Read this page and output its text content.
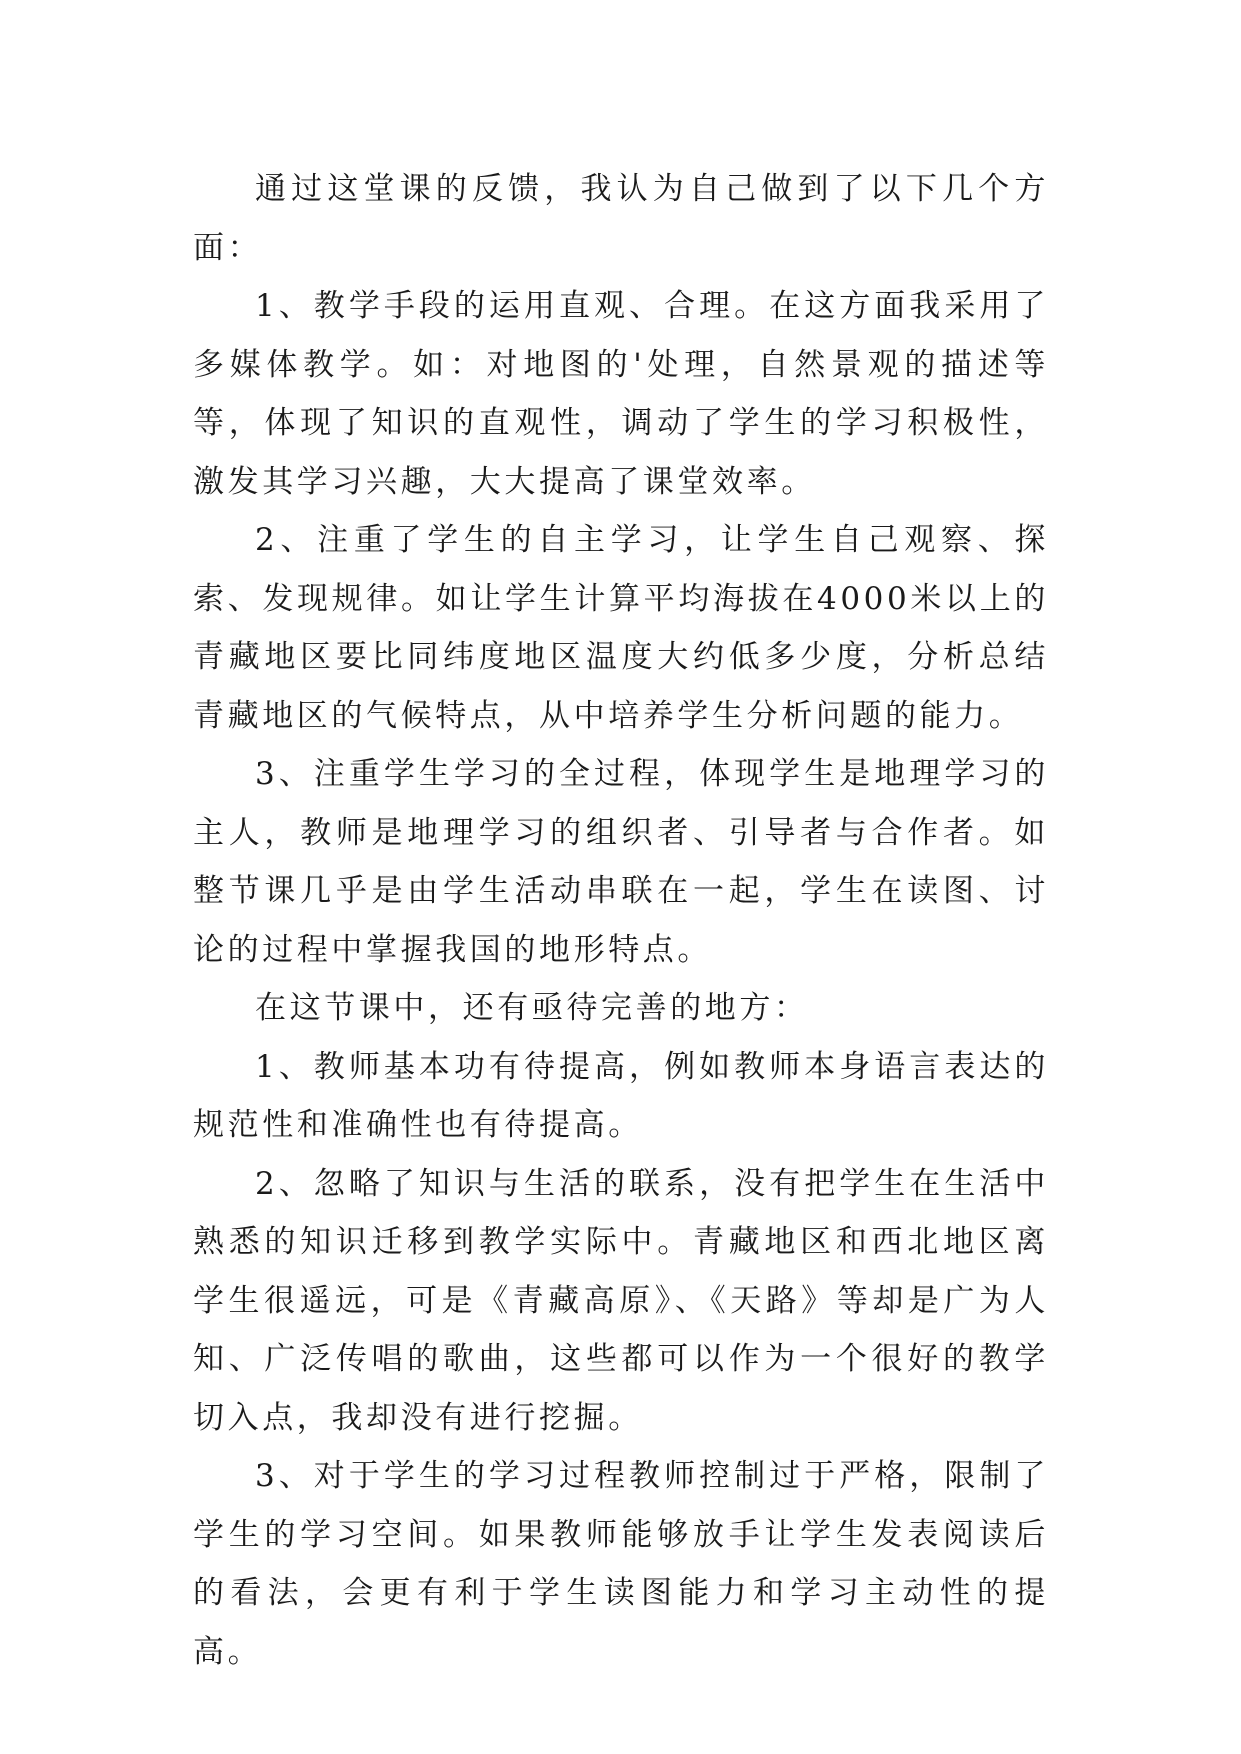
通过这堂课的反馈，我认为自己做到了以下几个方面：

1、教学手段的运用直观、合理。在这方面我采用了多媒体教学。如：对地图的'处理，自然景观的描述等等，体现了知识的直观性，调动了学生的学习积极性，激发其学习兴趣，大大提高了课堂效率。

2、注重了学生的自主学习，让学生自己观察、探索、发现规律。如让学生计算平均海拔在4000米以上的青藏地区要比同纬度地区温度大约低多少度，分析总结青藏地区的气候特点，从中培养学生分析问题的能力。

3、注重学生学习的全过程，体现学生是地理学习的主人，教师是地理学习的组织者、引导者与合作者。如整节课几乎是由学生活动串联在一起，学生在读图、讨论的过程中掌握我国的地形特点。

在这节课中，还有亟待完善的地方：

1、教师基本功有待提高，例如教师本身语言表达的规范性和准确性也有待提高。

2、忽略了知识与生活的联系，没有把学生在生活中熟悉的知识迁移到教学实际中。青藏地区和西北地区离学生很遥远，可是《青藏高原》、《天路》等却是广为人知、广泛传唱的歌曲，这些都可以作为一个很好的教学切入点，我却没有进行挖掘。

3、对于学生的学习过程教师控制过于严格，限制了学生的学习空间。如果教师能够放手让学生发表阅读后的看法，会更有利于学生读图能力和学习主动性的提高。
